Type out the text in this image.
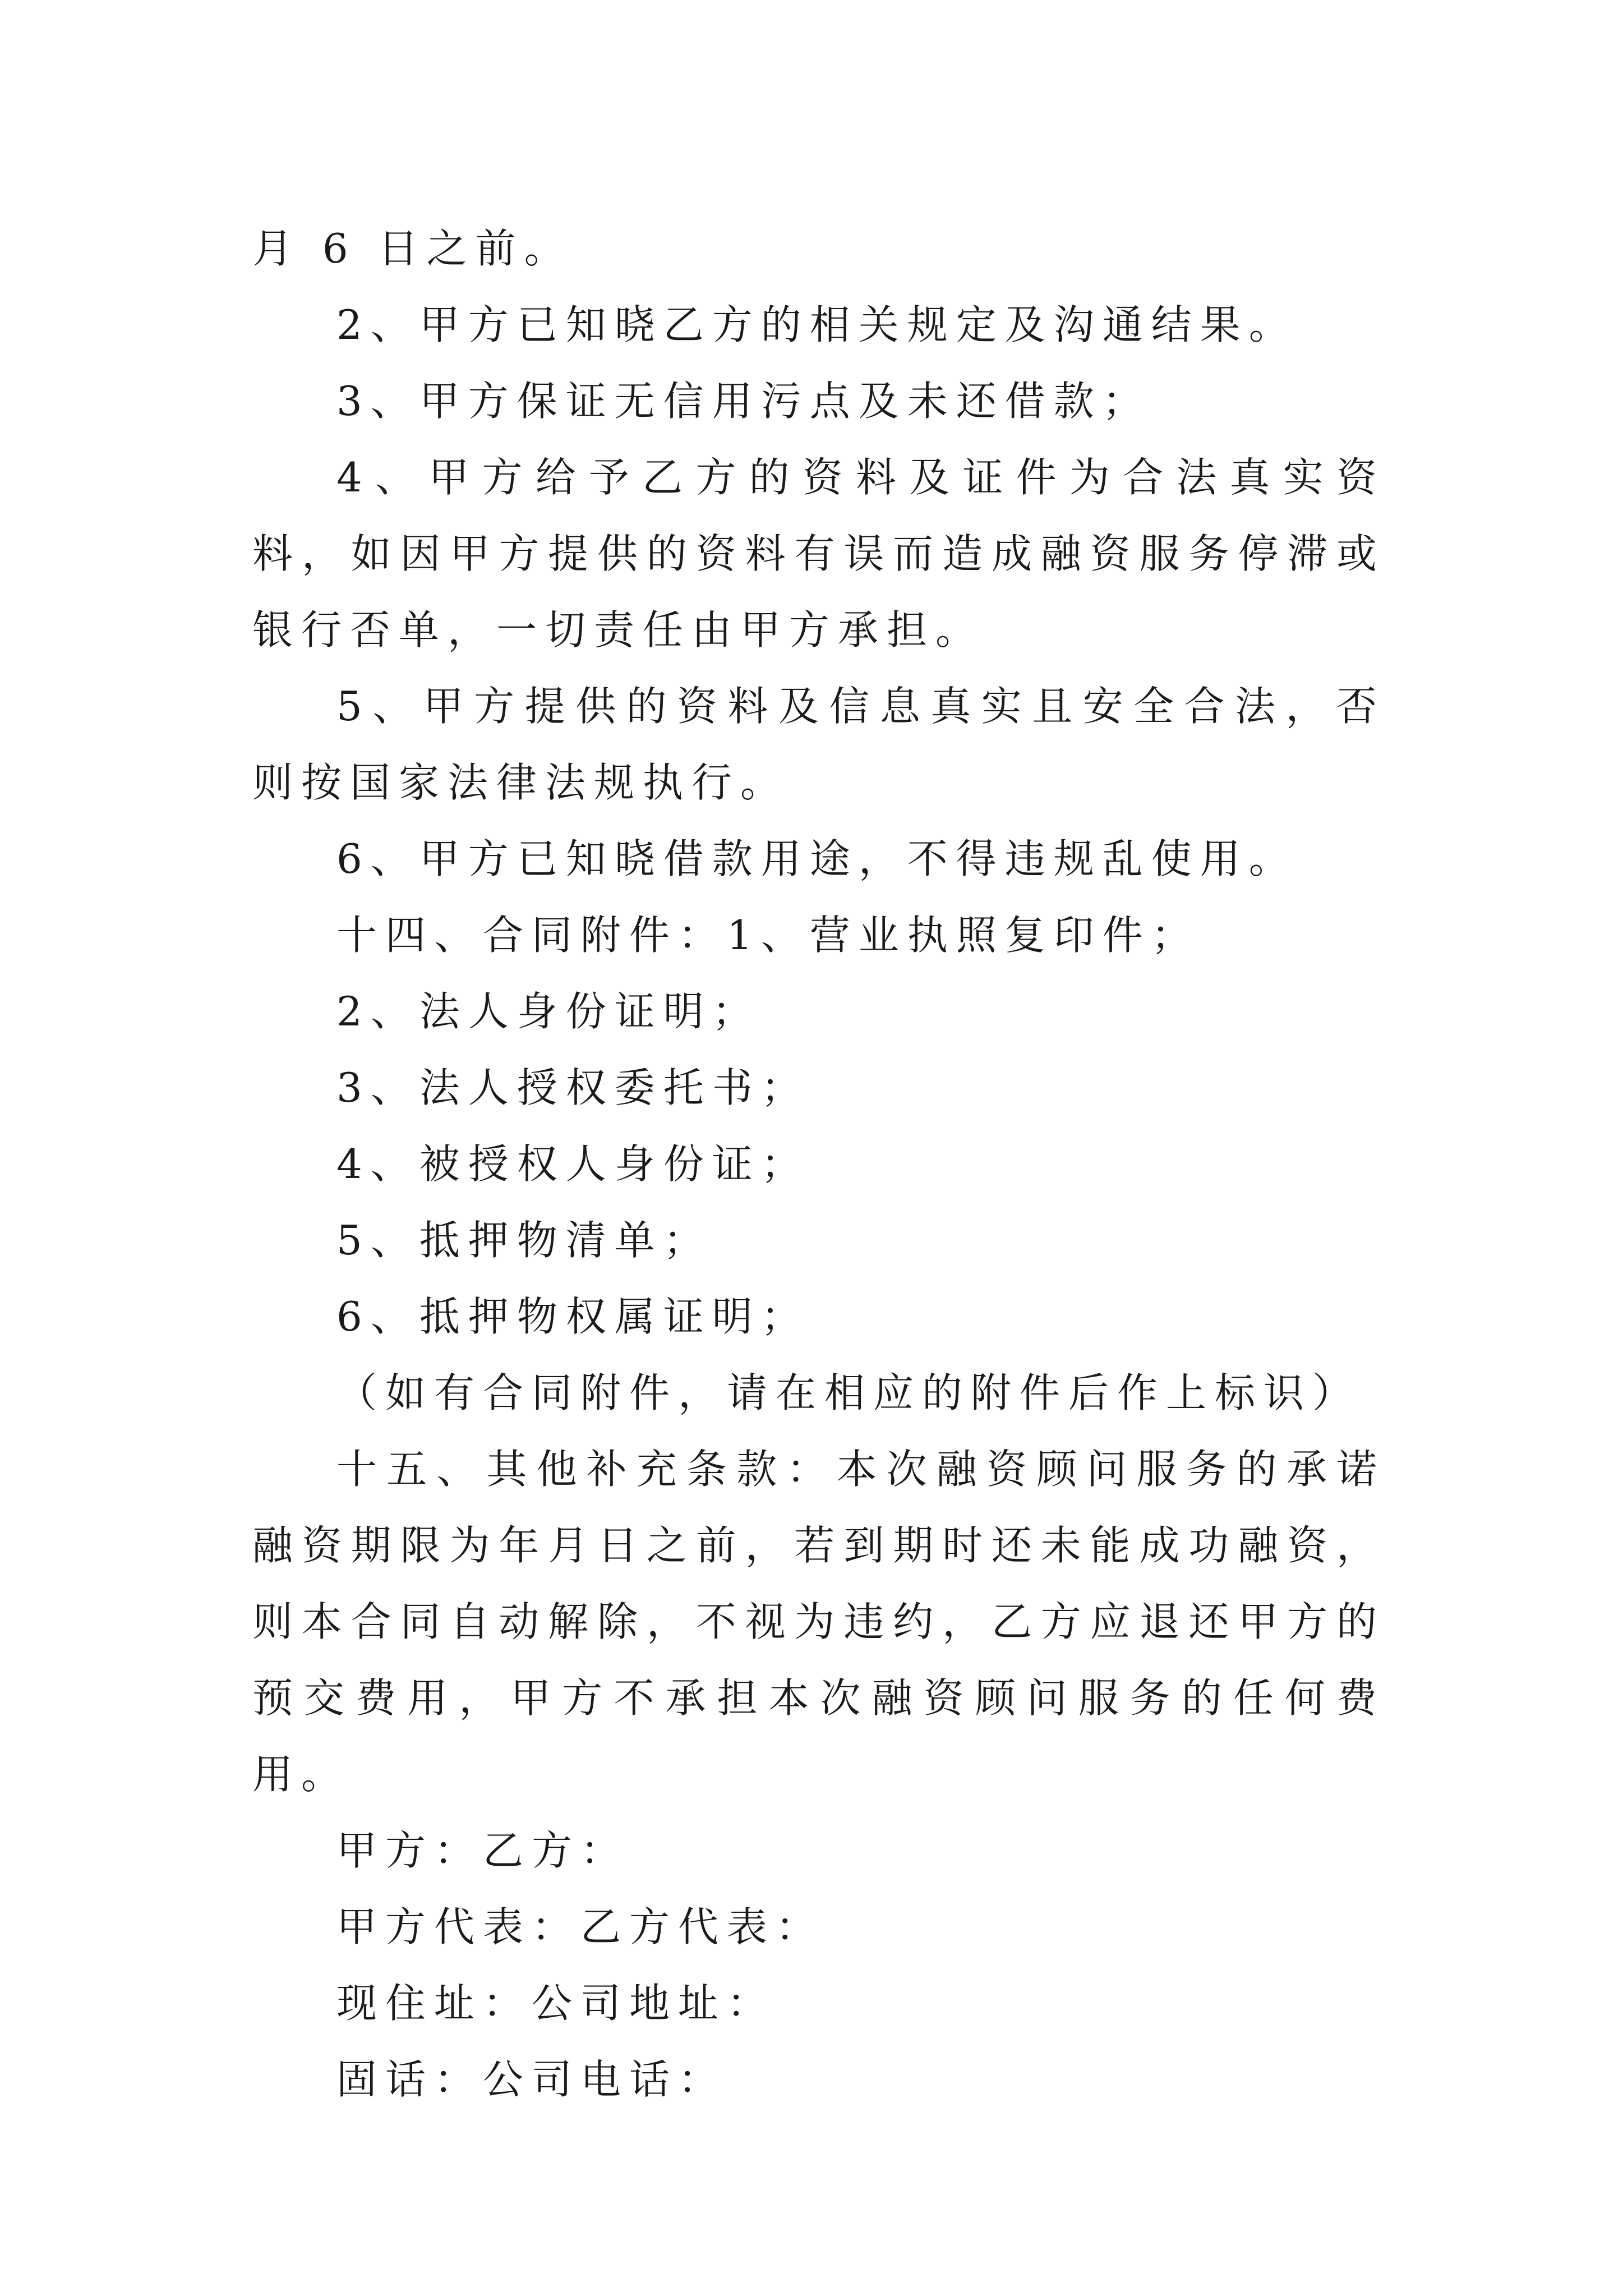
月 6 日之前。

2、甲方已知晓乙方的相关规定及沟通结果。

3、甲方保证无信用污点及未还借款；

4、甲方给予乙方的资料及证件为合法真实资料，如因甲方提供的资料有误而造成融资服务停滞或银行否单，一切责任由甲方承担。

5、甲方提供的资料及信息真实且安全合法，否则按国家法律法规执行。

6、甲方已知晓借款用途，不得违规乱使用。

十四、合同附件：1、营业执照复印件；

2、法人身份证明；

3、法人授权委托书；

4、被授权人身份证；

5、抵押物清单；

6、抵押物权属证明；

（如有合同附件，请在相应的附件后作上标识）

十五、其他补充条款：本次融资顾问服务的承诺融资期限为年月日之前，若到期时还未能成功融资，则本合同自动解除，不视为违约，乙方应退还甲方的预交费用，甲方不承担本次融资顾问服务的任何费用。

甲方：乙方：

甲方代表：乙方代表：

现住址：公司地址：

固话：公司电话：
